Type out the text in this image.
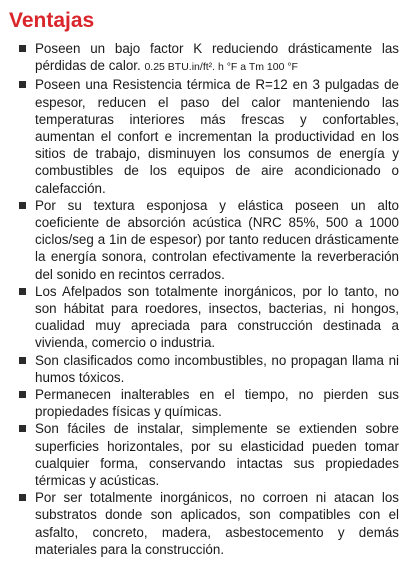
Ventajas
Poseen un bajo factor K reduciendo drásticamente las pérdidas de calor. 0.25 BTU.in/ft². h °F a Tm 100 °F
Poseen una Resistencia térmica de R=12 en 3 pulgadas de espesor, reducen el paso del calor manteniendo las temperaturas interiores más frescas y confortables, aumentan el confort e incrementan la productividad en los sitios de trabajo, disminuyen los consumos de energía y combustibles de los equipos de aire acondicionado o calefacción.
Por su textura esponjosa y elástica poseen un alto coeficiente de absorción acústica (NRC 85%, 500 a 1000 ciclos/seg a 1in de espesor) por tanto reducen drásticamente la energía sonora, controlan efectivamente la reverberación del sonido en recintos cerrados.
Los Afelpados son totalmente inorgánicos, por lo tanto, no son hábitat para roedores, insectos, bacterias, ni hongos, cualidad muy apreciada para construcción destinada a vivienda, comercio o industria.
Son clasificados como incombustibles, no propagan llama ni humos tóxicos.
Permanecen inalterables en el tiempo, no pierden sus propiedades físicas y químicas.
Son fáciles de instalar, simplemente se extienden sobre superficies horizontales, por su elasticidad pueden tomar cualquier forma, conservando intactas sus propiedades térmicas y acústicas.
Por ser totalmente inorgánicos, no corroen ni atacan los substratos donde son aplicados, son compatibles con el asfalto, concreto, madera, asbestocemento y demás materiales para la construcción.
